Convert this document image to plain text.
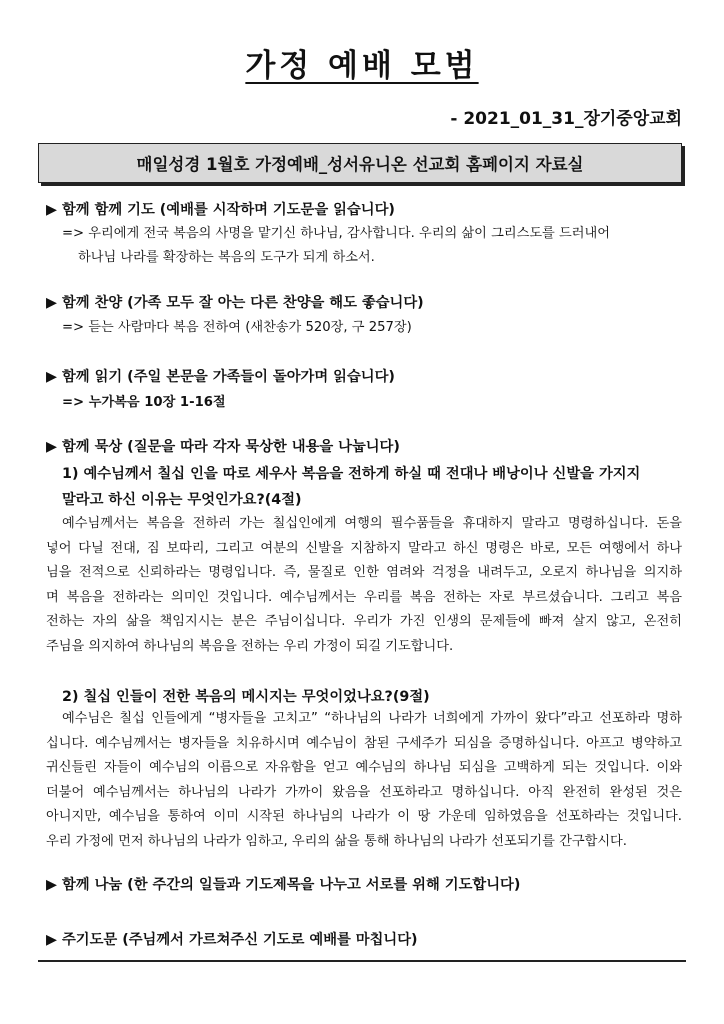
가정 예배 모범
- 2021_01_31_장기중앙교회
매일성경 1월호 가정예배_성서유니온 선교회 홈페이지 자료실
▶ 함께 함께 기도 (예배를 시작하며 기도문을 읽습니다)
=> 우리에게 전국 복음의 사명을 맡기신 하나님, 감사합니다. 우리의 삶이 그리스도를 드러내어
하나님 나라를 확장하는 복음의 도구가 되게 하소서.
▶ 함께 찬양 (가족 모두 잘 아는 다른 찬양을 해도 좋습니다)
=> 듣는 사람마다 복음 전하여 (새찬송가 520장, 구 257장)
▶ 함께 읽기 (주일 본문을 가족들이 돌아가며 읽습니다)
=> 누가복음 10장 1-16절
▶ 함께 묵상 (질문을 따라 각자 묵상한 내용을 나눕니다)
1) 예수님께서 칠십 인을 따로 세우사 복음을 전하게 하실 때 전대나 배낭이나 신발을 가지지
말라고 하신 이유는 무엇인가요?(4절)
예수님께서는 복음을 전하러 가는 칠십인에게 여행의 필수품들을 휴대하지 말라고 명령하십니다. 돈을
넣어 다닐 전대, 짐 보따리, 그리고 여분의 신발을 지참하지 말라고 하신 명령은 바로, 모든 여행에서 하나
님을 전적으로 신뢰하라는 명령입니다. 즉, 물질로 인한 염려와 걱정을 내려두고, 오로지 하나님을 의지하
며 복음을 전하라는 의미인 것입니다. 예수님께서는 우리를 복음 전하는 자로 부르셨습니다. 그리고 복음
전하는 자의 삶을 책임지시는 분은 주님이십니다. 우리가 가진 인생의 문제들에 빠져 살지 않고, 온전히
주님을 의지하여 하나님의 복음을 전하는 우리 가정이 되길 기도합니다.
2) 칠십 인들이 전한 복음의 메시지는 무엇이었나요?(9절)
예수님은 칠십 인들에게 “병자들을 고치고” “하나님의 나라가 너희에게 가까이 왔다”라고 선포하라 명하
십니다. 예수님께서는 병자들을 치유하시며 예수님이 참된 구세주가 되심을 증명하십니다. 아프고 병약하고
귀신들린 자들이 예수님의 이름으로 자유함을 얻고 예수님의 하나님 되심을 고백하게 되는 것입니다. 이와
더불어 예수님께서는 하나님의 나라가 가까이 왔음을 선포하라고 명하십니다. 아직 완전히 완성된 것은
아니지만, 예수님을 통하여 이미 시작된 하나님의 나라가 이 땅 가운데 임하였음을 선포하라는 것입니다.
우리 가정에 먼저 하나님의 나라가 임하고, 우리의 삶을 통해 하나님의 나라가 선포되기를 간구합시다.
▶ 함께 나눔 (한 주간의 일들과 기도제목을 나누고 서로를 위해 기도합니다)
▶ 주기도문 (주님께서 가르쳐주신 기도로 예배를 마칩니다)
